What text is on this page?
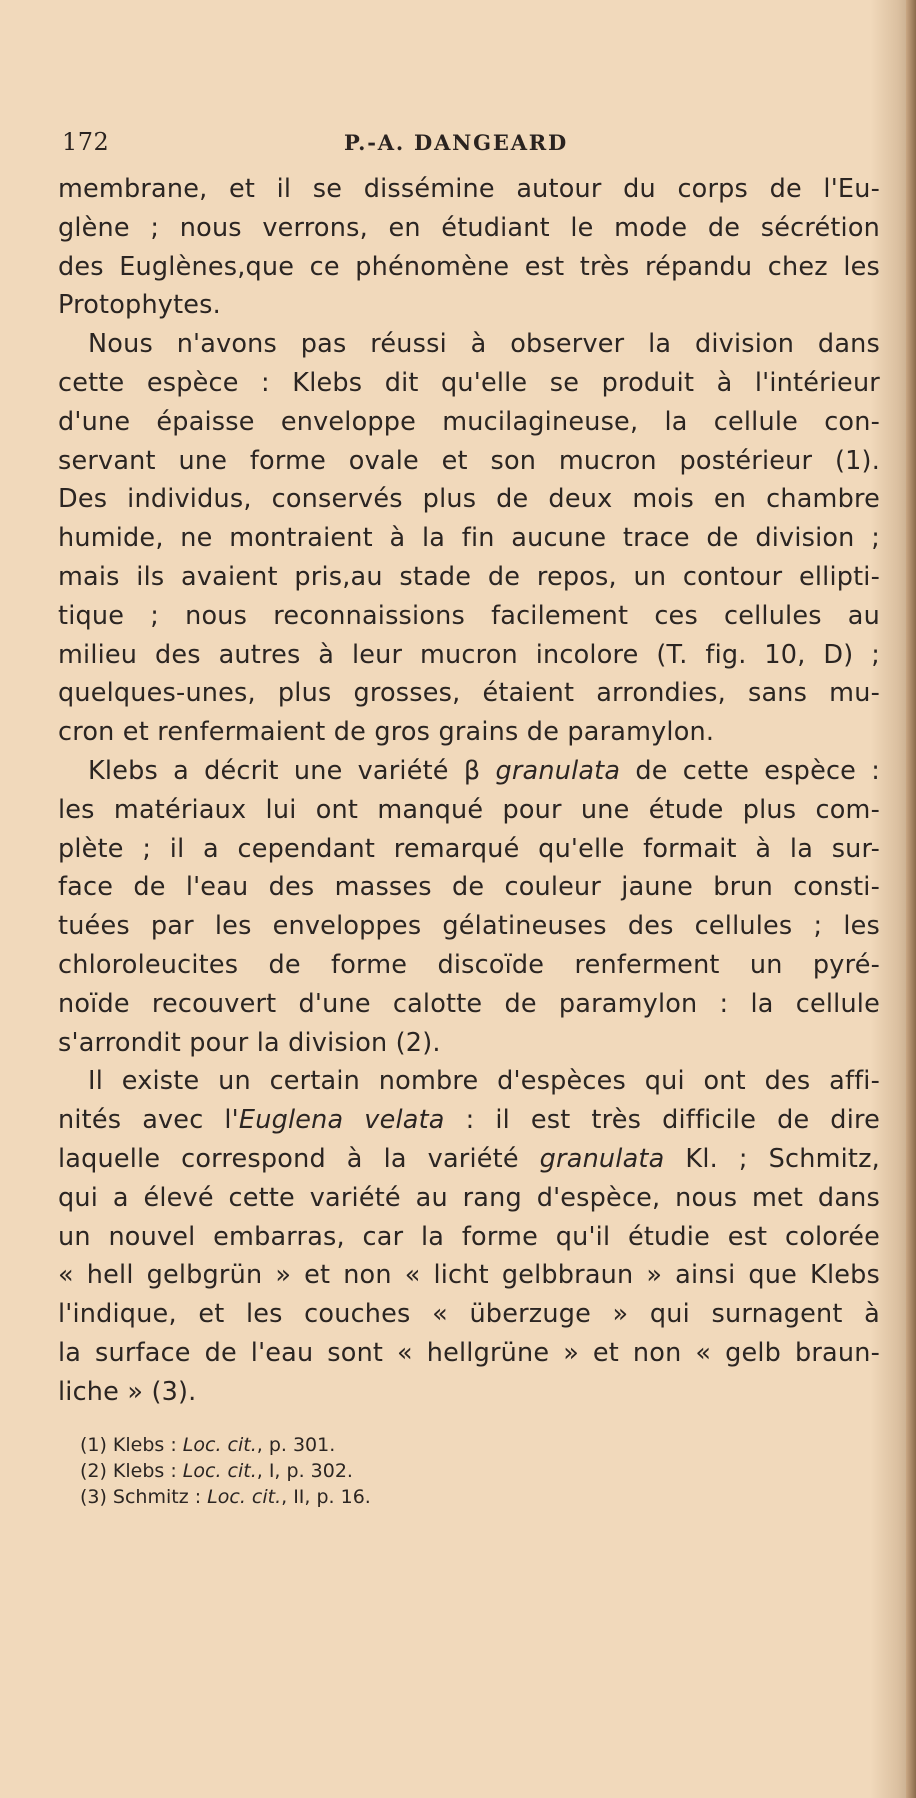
172	P.-A. DANGEARD
membrane, et il se dissémine autour du corps de l'Eu-
glène ; nous verrons, en étudiant le mode de sécrétion
des Euglènes,que ce phénomène est très répandu chez les
Protophytes.
Nous n'avons pas réussi à observer la division dans
cette espèce : Klebs dit qu'elle se produit à l'intérieur
d'une épaisse enveloppe mucilagineuse, la cellule con-
servant une forme ovale et son mucron postérieur (1).
Des individus, conservés plus de deux mois en chambre
humide, ne montraient à la fin aucune trace de division ;
mais ils avaient pris,au stade de repos, un contour ellipti-
tique ; nous reconnaissions facilement ces cellules au
milieu des autres à leur mucron incolore (T. fig. 10, D) ;
quelques-unes, plus grosses, étaient arrondies, sans mu-
cron et renfermaient de gros grains de paramylon.
Klebs a décrit une variété β granulata de cette espèce :
les matériaux lui ont manqué pour une étude plus com-
plète ; il a cependant remarqué qu'elle formait à la sur-
face de l'eau des masses de couleur jaune brun consti-
tuées par les enveloppes gélatineuses des cellules ; les
chloroleucites de forme discoïde renferment un pyré-
noïde recouvert d'une calotte de paramylon : la cellule
s'arrondit pour la division (2).
Il existe un certain nombre d'espèces qui ont des affi-
nités avec l'Euglena velata : il est très difficile de dire
laquelle correspond à la variété granulata Kl. ; Schmitz,
qui a élevé cette variété au rang d'espèce, nous met dans
un nouvel embarras, car la forme qu'il étudie est colorée
« hell gelbgrün » et non « licht gelbbraun » ainsi que Klebs
l'indique, et les couches « überzuge » qui surnagent à
la surface de l'eau sont « hellgrüne » et non « gelb braun-
liche » (3).
(1) Klebs : Loc. cit., p. 301.
(2) Klebs : Loc. cit., I, p. 302.
(3) Schmitz : Loc. cit., II, p. 16.
